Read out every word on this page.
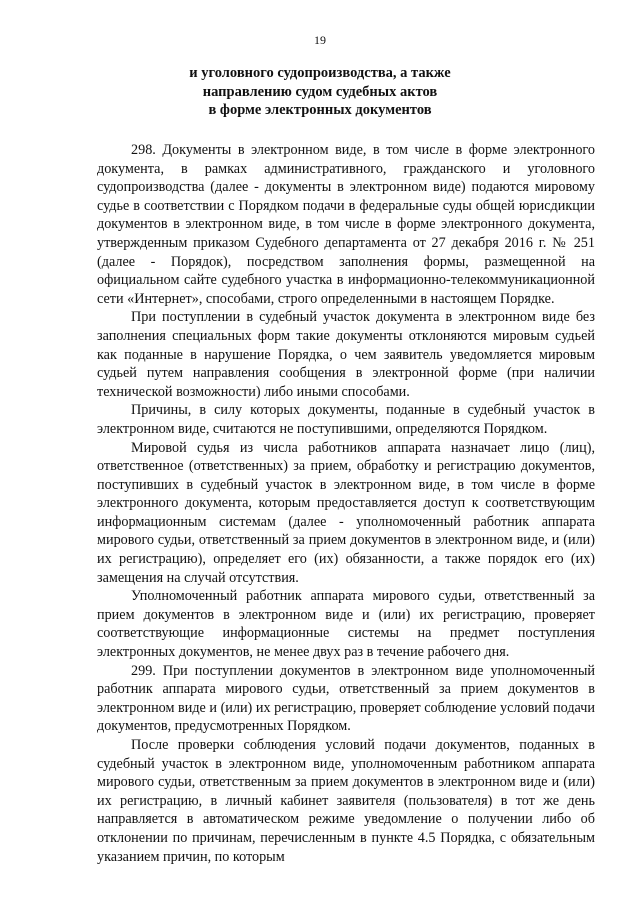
19
и уголовного судопроизводства, а также
направлению судом судебных актов
в форме электронных документов

298. Документы в электронном виде, в том числе в форме электронного документа, в рамках административного, гражданского и уголовного судопроизводства (далее - документы в электронном виде) подаются мировому судье в соответствии с Порядком подачи в федеральные суды общей юрисдикции документов в электронном виде, в том числе в форме электронного документа, утвержденным приказом Судебного департамента от 27 декабря 2016 г. № 251 (далее - Порядок), посредством заполнения формы, размещенной на официальном сайте судебного участка в информационно-телекоммуникационной сети «Интернет», способами, строго определенными в настоящем Порядке.

При поступлении в судебный участок документа в электронном виде без заполнения специальных форм такие документы отклоняются мировым судьей как поданные в нарушение Порядка, о чем заявитель уведомляется мировым судьей путем направления сообщения в электронной форме (при наличии технической возможности) либо иными способами.

Причины, в силу которых документы, поданные в судебный участок в электронном виде, считаются не поступившими, определяются Порядком.

Мировой судья из числа работников аппарата назначает лицо (лиц), ответственное (ответственных) за прием, обработку и регистрацию документов, поступивших в судебный участок в электронном виде, в том числе в форме электронного документа, которым предоставляется доступ к соответствующим информационным системам (далее - уполномоченный работник аппарата мирового судьи, ответственный за прием документов в электронном виде, и (или) их регистрацию), определяет его (их) обязанности, а также порядок его (их) замещения на случай отсутствия.

Уполномоченный работник аппарата мирового судьи, ответственный за прием документов в электронном виде и (или) их регистрацию, проверяет соответствующие информационные системы на предмет поступления электронных документов, не менее двух раз в течение рабочего дня.

299. При поступлении документов в электронном виде уполномоченный работник аппарата мирового судьи, ответственный за прием документов в электронном виде и (или) их регистрацию, проверяет соблюдение условий подачи документов, предусмотренных Порядком.

После проверки соблюдения условий подачи документов, поданных в судебный участок в электронном виде, уполномоченным работником аппарата мирового судьи, ответственным за прием документов в электронном виде и (или) их регистрацию, в личный кабинет заявителя (пользователя) в тот же день направляется в автоматическом режиме уведомление о получении либо об отклонении по причинам, перечисленным в пункте 4.5 Порядка, с обязательным указанием причин, по которым
